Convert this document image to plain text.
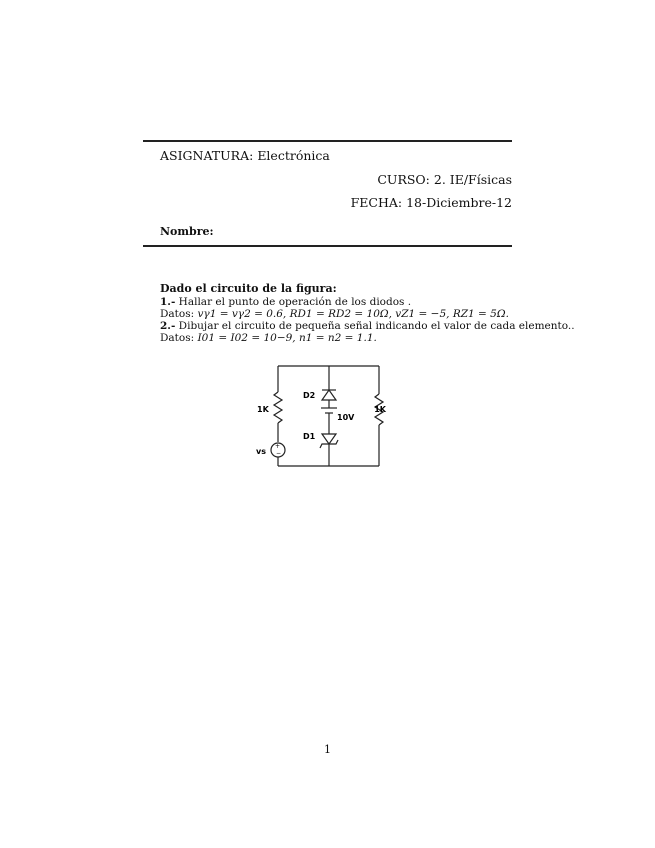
ASIGNATURA: Electrónica
CURSO: 2. IE/Físicas
FECHA: 18-Diciembre-12
Nombre:
Dado el circuito de la figura:
1.- Hallar el punto de operación de los diodos .
Datos: vγ1 = vγ2 = 0.6, RD1 = RD2 = 10Ω, vZ1 = −5, RZ1 = 5Ω.
2.- Dibujar el circuito de pequeña señal indicando el valor de cada elemento..
Datos: I01 = I02 = 10−9, n1 = n2 = 1.1.
+
−
1K	1K
D2
10V
D1
vs
1
